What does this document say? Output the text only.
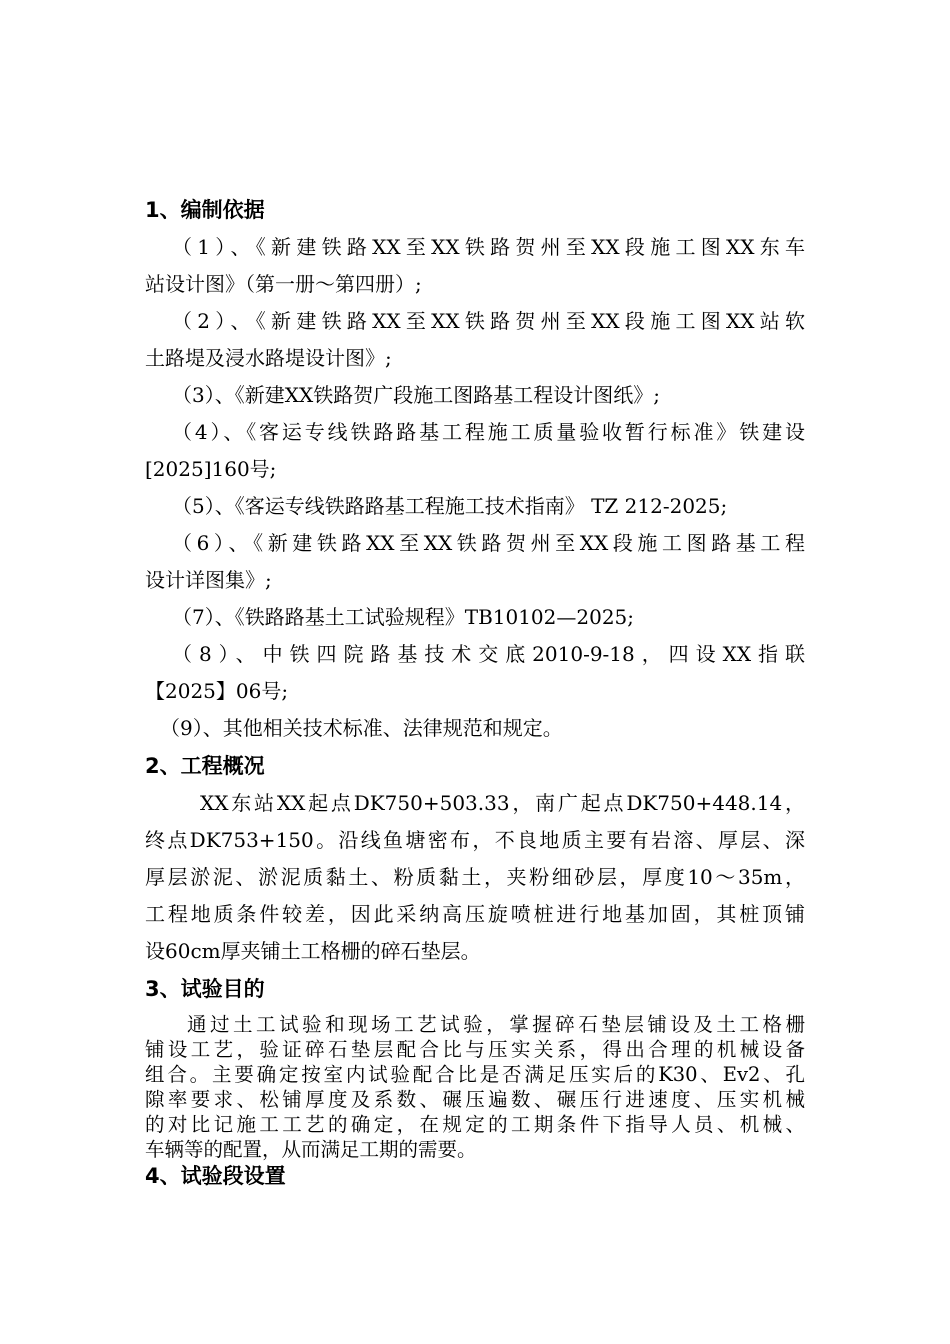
1、编制依据
（1）、《新建铁路XX至XX铁路贺州至XX段施工图XX东车
站设计图》（第一册～第四册）;
（2）、《新建铁路XX至XX铁路贺州至XX段施工图XX站软
土路堤及浸水路堤设计图》;
（3）、《新建XX铁路贺广段施工图路基工程设计图纸》;
（4）、《客运专线铁路路基工程施工质量验收暂行标准》铁建设
[2025]160号;
（5）、《客运专线铁路路基工程施工技术指南》 TZ 212-2025;
（6）、《新建铁路XX至XX铁路贺州至XX段施工图路基工程
设计详图集》;
（7）、《铁路路基土工试验规程》TB10102—2025;
（8）、中铁四院路基技术交底2010-9-18，四设XX指联
【2025】06号;
（9）、其他相关技术标准、法律规范和规定。
2、工程概况
XX东站XX起点DK750+503.33，南广起点DK750+448.14，
终点DK753+150。沿线鱼塘密布，不良地质主要有岩溶、厚层、深
厚层淤泥、淤泥质黏土、粉质黏土，夹粉细砂层，厚度10～35m，
工程地质条件较差，因此采纳高压旋喷桩进行地基加固，其桩顶铺
设60cm厚夹铺土工格栅的碎石垫层。
3、试验目的
通过土工试验和现场工艺试验，掌握碎石垫层铺设及土工格栅
铺设工艺，验证碎石垫层配合比与压实关系，得出合理的机械设备
组合。主要确定按室内试验配合比是否满足压实后的K30、Ev2、孔
隙率要求、松铺厚度及系数、碾压遍数、碾压行进速度、压实机械
的对比记施工工艺的确定，在规定的工期条件下指导人员、机械、
车辆等的配置，从而满足工期的需要。
4、试验段设置
